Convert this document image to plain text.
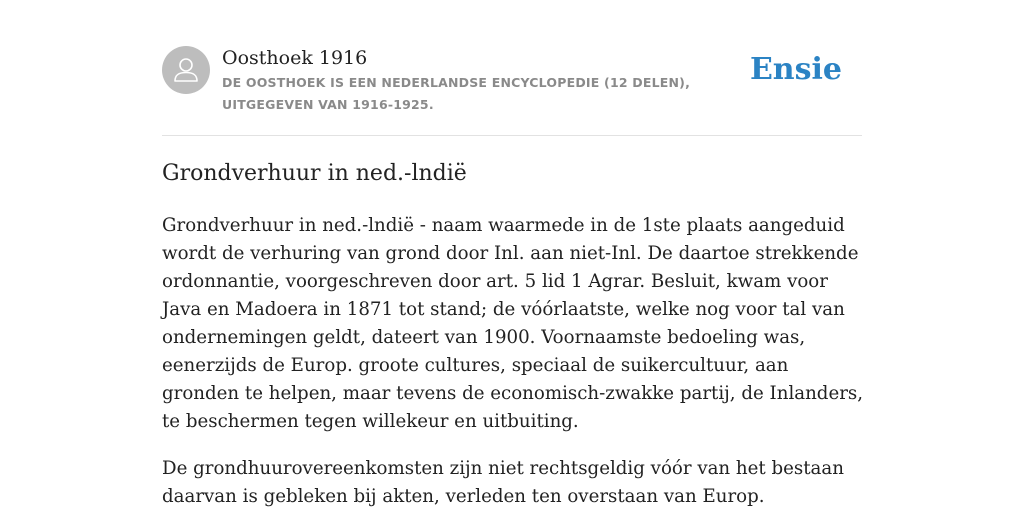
Oosthoek 1916
DE OOSTHOEK IS EEN NEDERLANDSE ENCYCLOPEDIE (12 DELEN), UITGEGEVEN VAN 1916-1925.
Ensie
Grondverhuur in ned.-lndië

Grondverhuur in ned.-lndië - naam waarmede in de 1ste plaats aangeduid wordt de verhuring van grond door Inl. aan niet-Inl. De daartoe strekkende ordonnantie, voorgeschreven door art. 5 lid 1 Agrar. Besluit, kwam voor Java en Madoera in 1871 tot stand; de vóórlaatste, welke nog voor tal van ondernemingen geldt, dateert van 1900. Voornaamste bedoeling was, eenerzijds de Europ. groote cultures, speciaal de suikercultuur, aan gronden te helpen, maar tevens de economisch-zwakke partij, de Inlanders, te beschermen tegen willekeur en uitbuiting.

De grondhuurovereenkomsten zijn niet rechtsgeldig vóór van het bestaan daarvan is gebleken bij akten, verleden ten overstaan van Europ.
